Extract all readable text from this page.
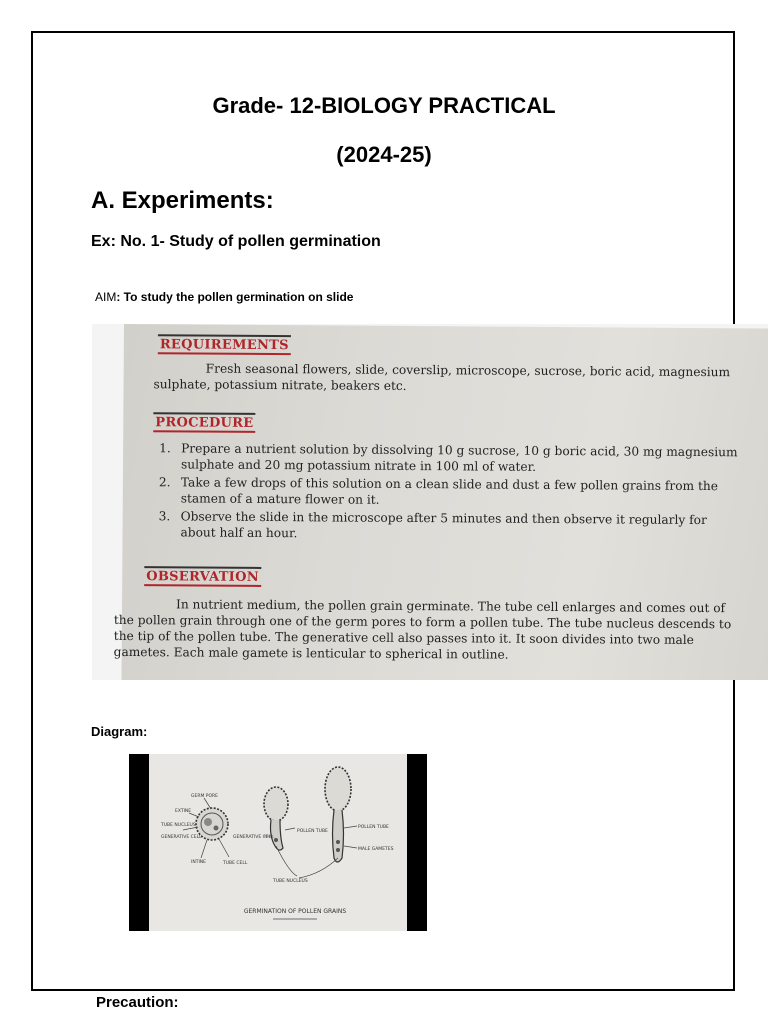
Grade- 12-BIOLOGY PRACTICAL
(2024-25)
A. Experiments:
Ex: No. 1- Study of pollen germination
AIM: To study the pollen germination on slide
REQUIREMENTS
Fresh seasonal flowers, slide, coverslip, microscope, sucrose, boric acid, magnesium sulphate, potassium nitrate, beakers etc.
PROCEDURE
1. Prepare a nutrient solution by dissolving 10 g sucrose, 10 g boric acid, 30 mg magnesium sulphate and 20 mg potassium nitrate in 100 ml of water.
2. Take a few drops of this solution on a clean slide and dust a few pollen grains from the stamen of a mature flower on it.
3. Observe the slide in the microscope after 5 minutes and then observe it regularly for about half an hour.
OBSERVATION
In nutrient medium, the pollen grain germinate. The tube cell enlarges and comes out of the pollen grain through one of the germ pores to form a pollen tube. The tube nucleus descends to the tip of the pollen tube. The generative cell also passes into it. It soon divides into two male gametes. Each male gamete is lenticular to spherical in outline.
Diagram:
GERM PORE
EXTINE
TUBE NUCLEUS
GENERATIVE CELL
INTINE	TUBE CELL
GENERATIVE CELL
POLLEN TUBE
POLLEN TUBE
MALE GAMETES
TUBE NUCLEUS
GERMINATION OF POLLEN GRAINS
Precaution:
